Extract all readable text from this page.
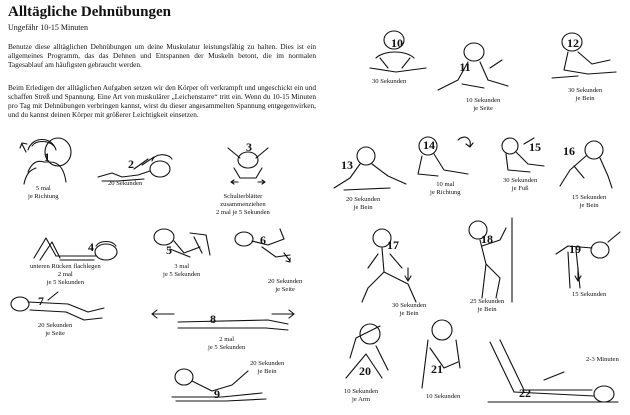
Alltägliche Dehnübungen
Ungefähr 10-15 Minuten
Benutze diese alltäglichen Dehnübungen um deine Muskulatur leistungsfähig zu halten. Dies ist ein allgemeines Programm, das das Dehnen und Entspannen der Muskeln betont, die im normalen Tagesablauf am häufigsten gebraucht werden.
Beim Erledigen der alltäglichen Aufgaben setzen wir den Körper oft verkrampft und ungeschickt ein und schaffen Streß und Spannung. Eine Art von muskulärer „Leichenstarre“ tritt ein. Wenn du 10-15 Minuten pro Tag mit Dehnübungen verbringen kannst, wirst du dieser angesammelten Spannung entgegenwirken, und du kannst deinen Körper mit größerer Leichtigkeit einsetzen.
1
5 mal
je Richtung
2
20 Sekunden
3
Schulterblätter
zusammenziehen
2 mal je 5 Sekunden
4
unteren Rücken flachlegen
2 mal
je 5 Sekunden
5
3 mal
je 5 Sekunden
6
20 Sekunden
je Seite
7
20 Sekunden
je Seite
8
2 mal
je 5 Sekunden
9
20 Sekunden
je Bein
10
30 Sekunden
11
10 Sekunden
je Seite
12
30 Sekunden
je Bein
13
20 Sekunden
je Bein
14
10 mal
je Richtung
15
30 Sekunden
je Fuß
16
15 Sekunden
je Bein
17
30 Sekunden
je Bein
18
25 Sekunden
je Bein
19
15 Sekunden
20
10 Sekunden
je Arm
21
10 Sekunden	22
2-3 Minuten
